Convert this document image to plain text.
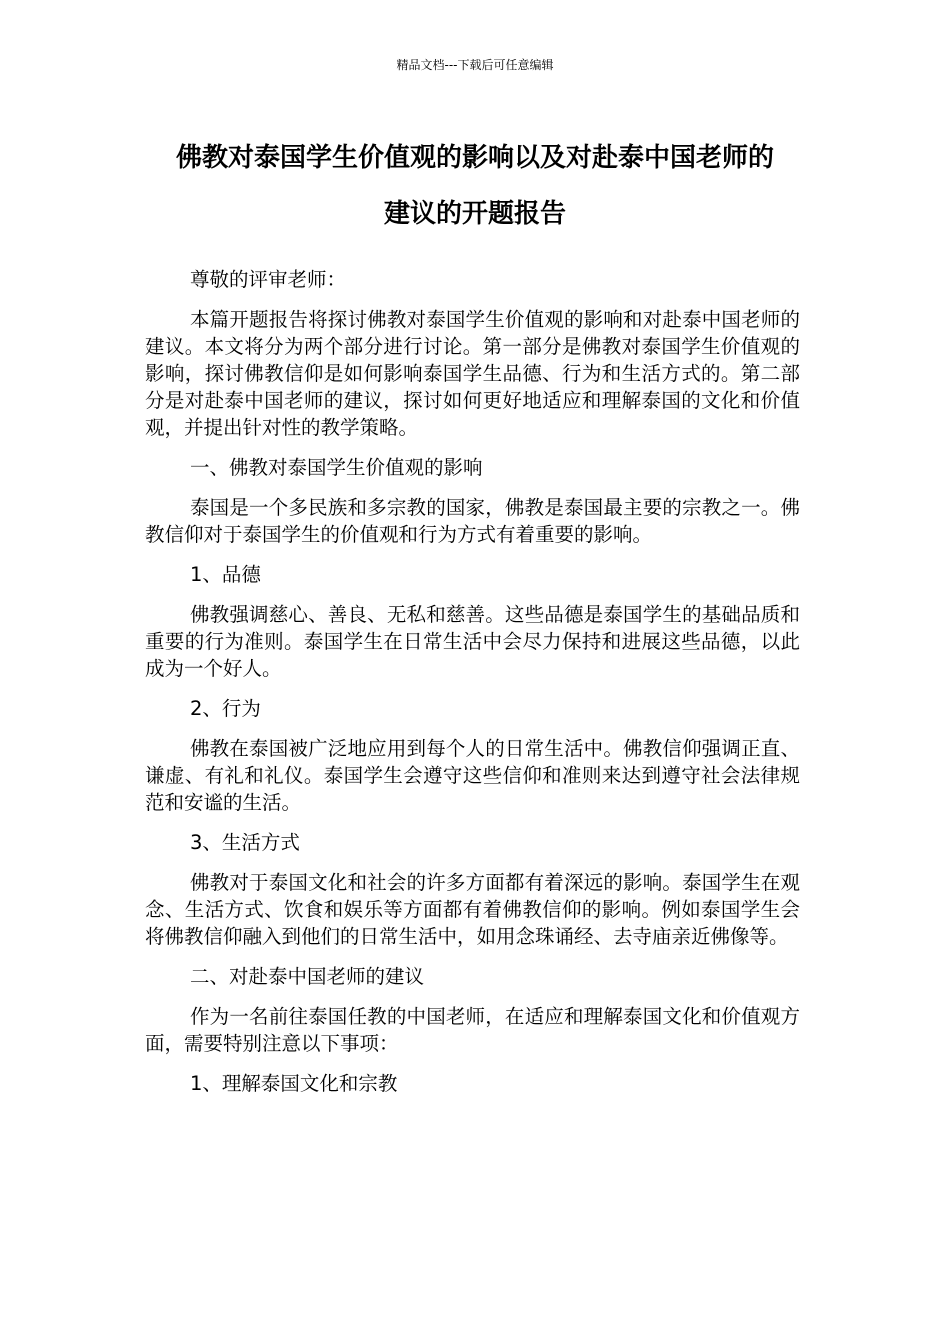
精品文档---下载后可任意编辑
佛教对泰国学生价值观的影响以及对赴泰中国老师的
建议的开题报告

尊敬的评审老师：

本篇开题报告将探讨佛教对泰国学生价值观的影响和对赴泰中国老师的建议。本文将分为两个部分进行讨论。第一部分是佛教对泰国学生价值观的影响，探讨佛教信仰是如何影响泰国学生品德、行为和生活方式的。第二部分是对赴泰中国老师的建议，探讨如何更好地适应和理解泰国的文化和价值观，并提出针对性的教学策略。

一、佛教对泰国学生价值观的影响

泰国是一个多民族和多宗教的国家，佛教是泰国最主要的宗教之一。佛教信仰对于泰国学生的价值观和行为方式有着重要的影响。

1、品德

佛教强调慈心、善良、无私和慈善。这些品德是泰国学生的基础品质和重要的行为准则。泰国学生在日常生活中会尽力保持和进展这些品德，以此成为一个好人。

2、行为

佛教在泰国被广泛地应用到每个人的日常生活中。佛教信仰强调正直、谦虚、有礼和礼仪。泰国学生会遵守这些信仰和准则来达到遵守社会法律规范和安谧的生活。

3、生活方式

佛教对于泰国文化和社会的许多方面都有着深远的影响。泰国学生在观念、生活方式、饮食和娱乐等方面都有着佛教信仰的影响。例如泰国学生会将佛教信仰融入到他们的日常生活中，如用念珠诵经、去寺庙亲近佛像等。

二、对赴泰中国老师的建议

作为一名前往泰国任教的中国老师，在适应和理解泰国文化和价值观方面，需要特别注意以下事项：

1、理解泰国文化和宗教
